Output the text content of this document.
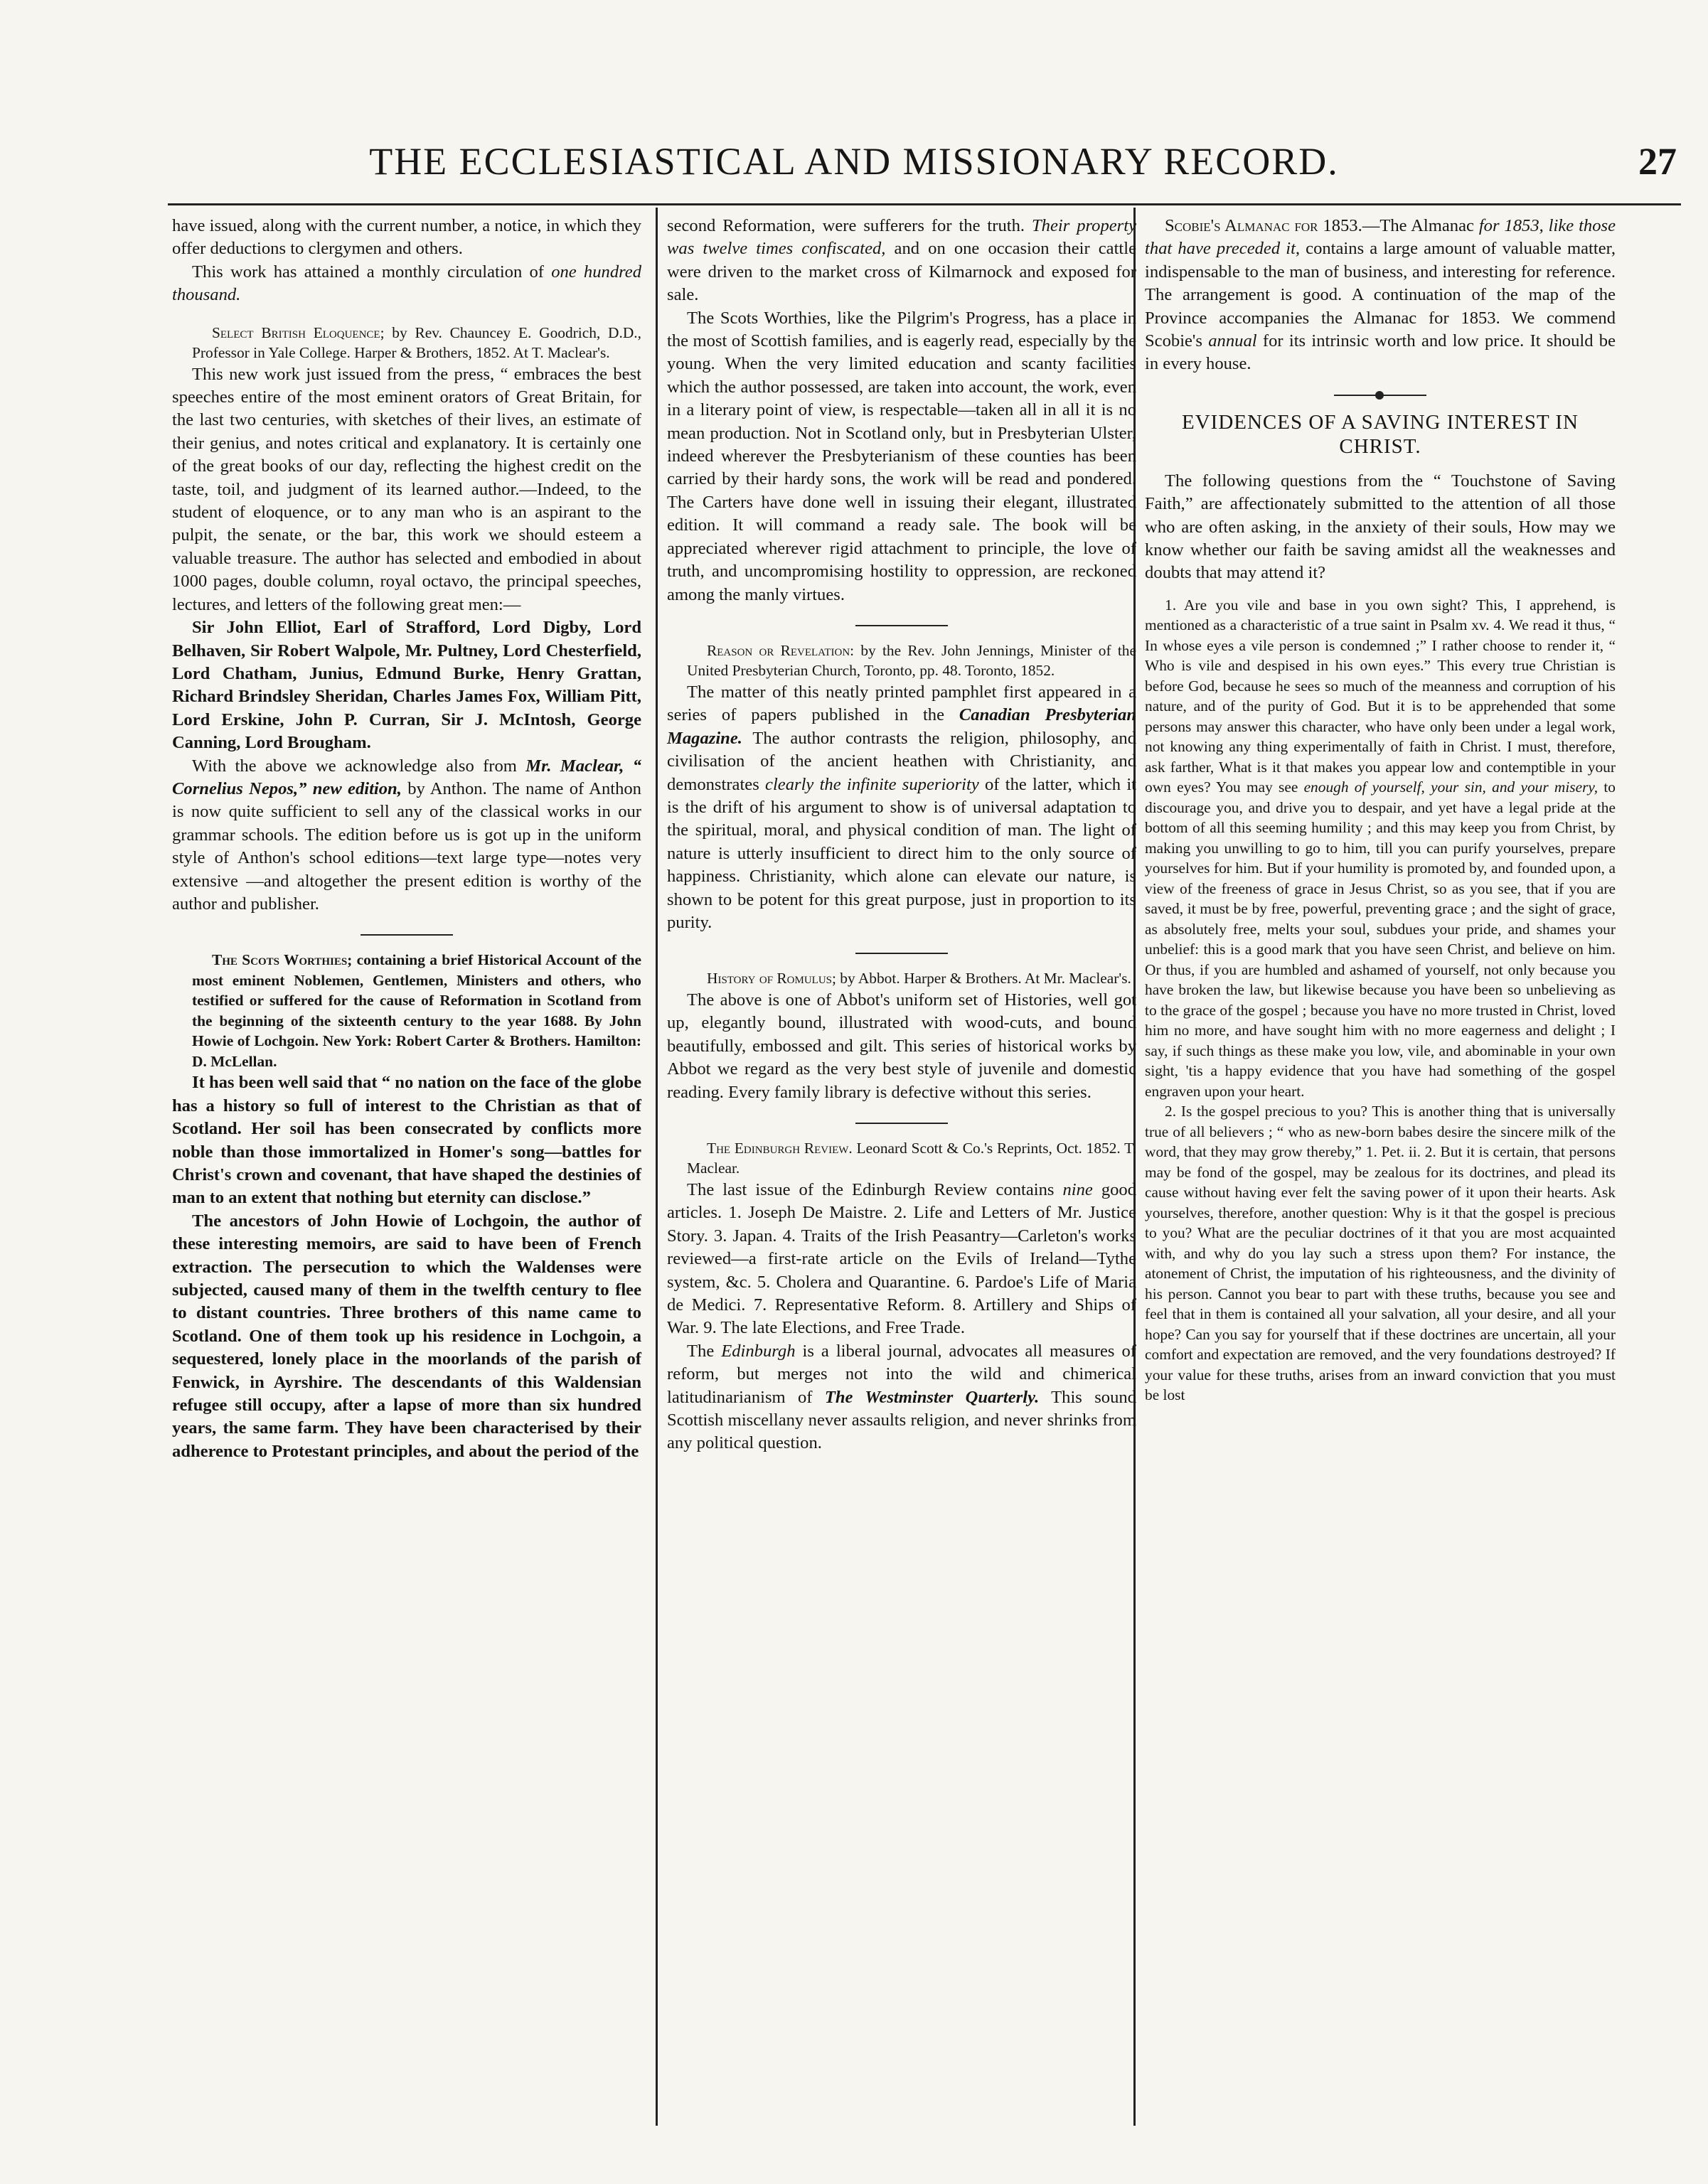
THE ECCLESIASTICAL AND MISSIONARY RECORD.	27

have issued, along with the current number, a notice, in which they offer deductions to clergymen and others.

This work has attained a monthly circulation of one hundred thousand.

Select British Eloquence; by Rev. Chauncey E. Goodrich, D.D., Professor in Yale College. Harper & Brothers, 1852. At T. Maclear's.

This new work just issued from the press, “ embraces the best speeches entire of the most eminent orators of Great Britain, for the last two centuries, with sketches of their lives, an estimate of their genius, and notes critical and explanatory. It is certainly one of the great books of our day, reflecting the highest credit on the taste, toil, and judgment of its learned author.—Indeed, to the student of eloquence, or to any man who is an aspirant to the pulpit, the senate, or the bar, this work we should esteem a valuable treasure. The author has selected and embodied in about 1000 pages, double column, royal octavo, the principal speeches, lectures, and letters of the following great men:—

Sir John Elliot, Earl of Strafford, Lord Digby, Lord Belhaven, Sir Robert Walpole, Mr. Pultney, Lord Chesterfield, Lord Chatham, Junius, Edmund Burke, Henry Grattan, Richard Brindsley Sheridan, Charles James Fox, William Pitt, Lord Erskine, John P. Curran, Sir J. McIntosh, George Canning, Lord Brougham.

With the above we acknowledge also from Mr. Maclear, “ Cornelius Nepos,” new edition, by Anthon. The name of Anthon is now quite sufficient to sell any of the classical works in our grammar schools. The edition before us is got up in the uniform style of Anthon's school editions—text large type—notes very extensive —and altogether the present edition is worthy of the author and publisher.

The Scots Worthies; containing a brief Historical Account of the most eminent Noblemen, Gentlemen, Ministers and others, who testified or suffered for the cause of Reformation in Scotland from the beginning of the sixteenth century to the year 1688. By John Howie of Lochgoin. New York: Robert Carter & Brothers. Hamilton: D. McLellan.

It has been well said that “ no nation on the face of the globe has a history so full of interest to the Christian as that of Scotland. Her soil has been consecrated by conflicts more noble than those immortalized in Homer's song—battles for Christ's crown and covenant, that have shaped the destinies of man to an extent that nothing but eternity can disclose.”

The ancestors of John Howie of Lochgoin, the author of these interesting memoirs, are said to have been of French extraction. The persecution to which the Waldenses were subjected, caused many of them in the twelfth century to flee to distant countries. Three brothers of this name came to Scotland. One of them took up his residence in Lochgoin, a sequestered, lonely place in the moorlands of the parish of Fenwick, in Ayrshire. The descendants of this Waldensian refugee still occupy, after a lapse of more than six hundred years, the same farm. They have been characterised by their adherence to Protestant principles, and about the period of the

second Reformation, were sufferers for the truth. Their property was twelve times confiscated, and on one occasion their cattle were driven to the market cross of Kilmarnock and exposed for sale.

The Scots Worthies, like the Pilgrim's Progress, has a place in the most of Scottish families, and is eagerly read, especially by the young. When the very limited education and scanty facilities which the author possessed, are taken into account, the work, even in a literary point of view, is respectable—taken all in all it is no mean production. Not in Scotland only, but in Presbyterian Ulster, indeed wherever the Presbyterianism of these counties has been carried by their hardy sons, the work will be read and pondered. The Carters have done well in issuing their elegant, illustrated edition. It will command a ready sale. The book will be appreciated wherever rigid attachment to principle, the love of truth, and uncompromising hostility to oppression, are reckoned among the manly virtues.

Reason or Revelation: by the Rev. John Jennings, Minister of the United Presbyterian Church, Toronto, pp. 48. Toronto, 1852.

The matter of this neatly printed pamphlet first appeared in a series of papers published in the Canadian Presbyterian Magazine. The author contrasts the religion, philosophy, and civilisation of the ancient heathen with Christianity, and demonstrates clearly the infinite superiority of the latter, which it is the drift of his argument to show is of universal adaptation to the spiritual, moral, and physical condition of man. The light of nature is utterly insufficient to direct him to the only source of happiness. Christianity, which alone can elevate our nature, is shown to be potent for this great purpose, just in proportion to its purity.

History of Romulus; by Abbot. Harper & Brothers. At Mr. Maclear's.

The above is one of Abbot's uniform set of Histories, well got up, elegantly bound, illustrated with wood-cuts, and bound beautifully, embossed and gilt. This series of historical works by Abbot we regard as the very best style of juvenile and domestic reading. Every family library is defective without this series.

The Edinburgh Review. Leonard Scott & Co.'s Reprints, Oct. 1852. T. Maclear.

The last issue of the Edinburgh Review contains nine good articles. 1. Joseph De Maistre. 2. Life and Letters of Mr. Justice Story. 3. Japan. 4. Traits of the Irish Peasantry—Carleton's works reviewed—a first-rate article on the Evils of Ireland—Tythe system, &c. 5. Cholera and Quarantine. 6. Pardoe's Life of Maria de Medici. 7. Representative Reform. 8. Artillery and Ships of War. 9. The late Elections, and Free Trade.

The Edinburgh is a liberal journal, advocates all measures of reform, but merges not into the wild and chimerical latitudinarianism of The Westminster Quarterly. This sound Scottish miscellany never assaults religion, and never shrinks from any political question.

Scobie's Almanac for 1853.—The Almanac for 1853, like those that have preceded it, contains a large amount of valuable matter, indispensable to the man of business, and interesting for reference. The arrangement is good. A continuation of the map of the Province accompanies the Almanac for 1853. We commend Scobie's annual for its intrinsic worth and low price. It should be in every house.

EVIDENCES OF A SAVING INTEREST IN CHRIST.

The following questions from the “ Touchstone of Saving Faith,” are affectionately submitted to the attention of all those who are often asking, in the anxiety of their souls, How may we know whether our faith be saving amidst all the weaknesses and doubts that may attend it?

1. Are you vile and base in you own sight? This, I apprehend, is mentioned as a characteristic of a true saint in Psalm xv. 4. We read it thus, “ In whose eyes a vile person is condemned ;” I rather choose to render it, “ Who is vile and despised in his own eyes.” This every true Christian is before God, because he sees so much of the meanness and corruption of his nature, and of the purity of God. But it is to be apprehended that some persons may answer this character, who have only been under a legal work, not knowing any thing experimentally of faith in Christ. I must, therefore, ask farther, What is it that makes you appear low and contemptible in your own eyes? You may see enough of yourself, your sin, and your misery, to discourage you, and drive you to despair, and yet have a legal pride at the bottom of all this seeming humility ; and this may keep you from Christ, by making you unwilling to go to him, till you can purify yourselves, prepare yourselves for him. But if your humility is promoted by, and founded upon, a view of the freeness of grace in Jesus Christ, so as you see, that if you are saved, it must be by free, powerful, preventing grace ; and the sight of grace, as absolutely free, melts your soul, subdues your pride, and shames your unbelief: this is a good mark that you have seen Christ, and believe on him. Or thus, if you are humbled and ashamed of yourself, not only because you have broken the law, but likewise because you have been so unbelieving as to the grace of the gospel ; because you have no more trusted in Christ, loved him no more, and have sought him with no more eagerness and delight ; I say, if such things as these make you low, vile, and abominable in your own sight, 'tis a happy evidence that you have had something of the gospel engraven upon your heart.

2. Is the gospel precious to you? This is another thing that is universally true of all believers ; “ who as new-born babes desire the sincere milk of the word, that they may grow thereby,” 1. Pet. ii. 2. But it is certain, that persons may be fond of the gospel, may be zealous for its doctrines, and plead its cause without having ever felt the saving power of it upon their hearts. Ask yourselves, therefore, another question: Why is it that the gospel is precious to you? What are the peculiar doctrines of it that you are most acquainted with, and why do you lay such a stress upon them? For instance, the atonement of Christ, the imputation of his righteousness, and the divinity of his person. Cannot you bear to part with these truths, because you see and feel that in them is contained all your salvation, all your desire, and all your hope? Can you say for yourself that if these doctrines are uncertain, all your comfort and expectation are removed, and the very foundations destroyed? If your value for these truths, arises from an inward conviction that you must be lost
